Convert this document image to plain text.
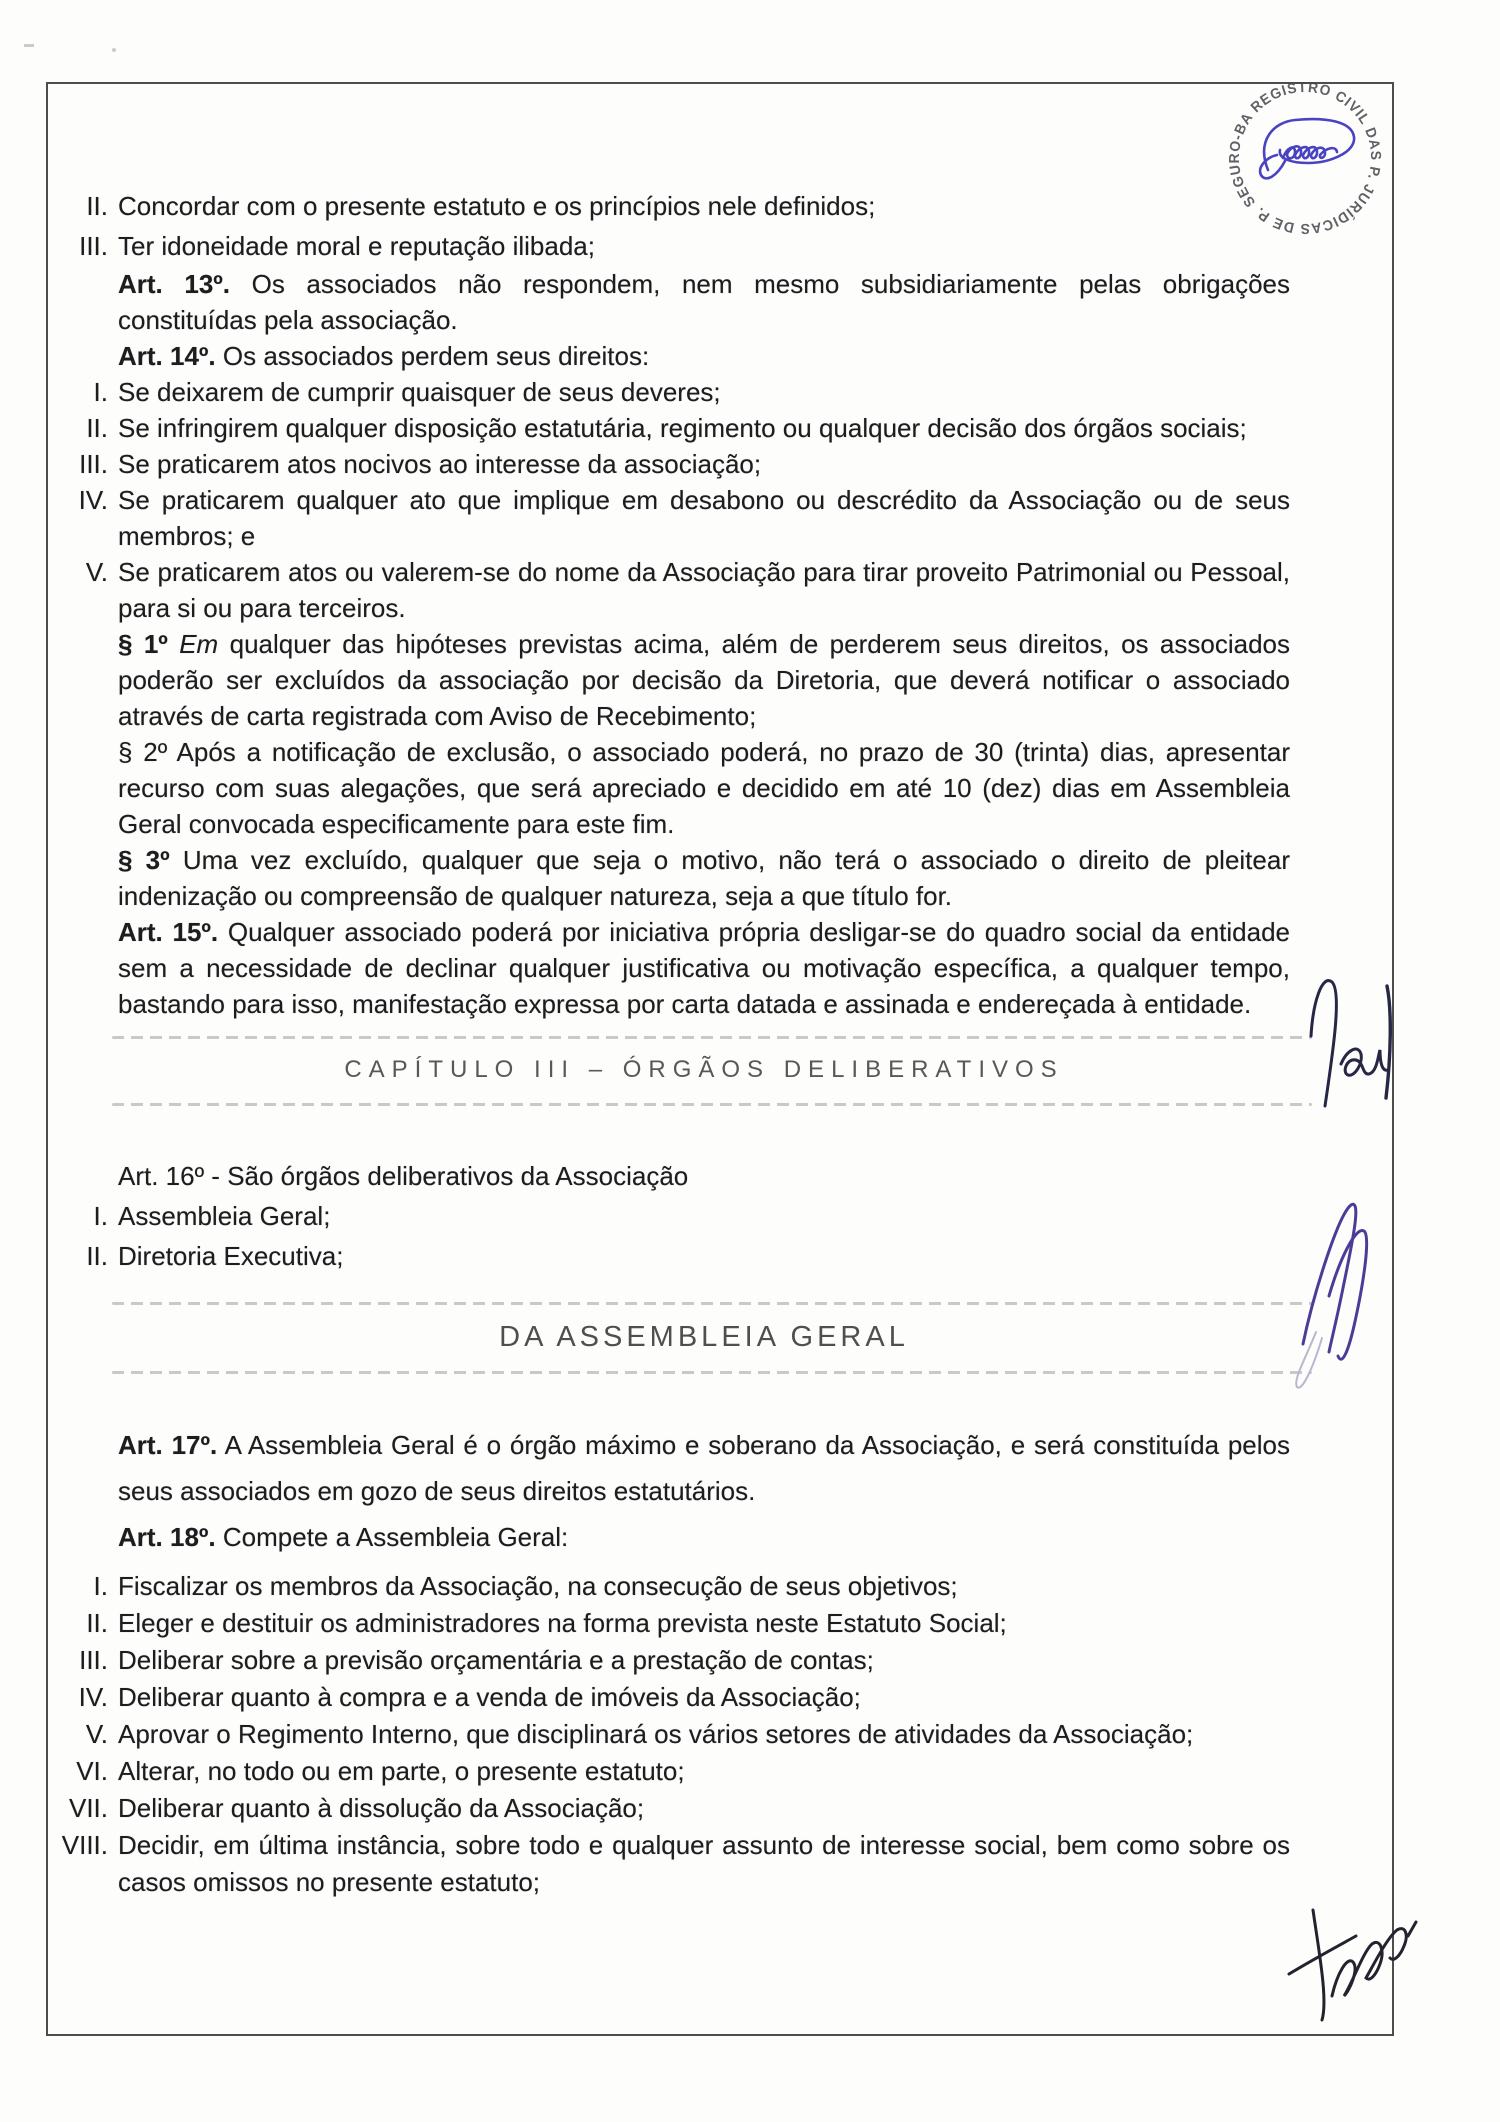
II. Concordar com o presente estatuto e os princípios nele definidos;
III. Ter idoneidade moral e reputação ilibada;
Art. 13º. Os associados não respondem, nem mesmo subsidiariamente pelas obrigações constituídas pela associação.
Art. 14º. Os associados perdem seus direitos:
I. Se deixarem de cumprir quaisquer de seus deveres;
II. Se infringirem qualquer disposição estatutária, regimento ou qualquer decisão dos órgãos sociais;
III. Se praticarem atos nocivos ao interesse da associação;
IV. Se praticarem qualquer ato que implique em desabono ou descrédito da Associação ou de seus membros; e
V. Se praticarem atos ou valerem-se do nome da Associação para tirar proveito Patrimonial ou Pessoal, para si ou para terceiros.
§ 1º Em qualquer das hipóteses previstas acima, além de perderem seus direitos, os associados poderão ser excluídos da associação por decisão da Diretoria, que deverá notificar o associado através de carta registrada com Aviso de Recebimento;
§ 2º Após a notificação de exclusão, o associado poderá, no prazo de 30 (trinta) dias, apresentar recurso com suas alegações, que será apreciado e decidido em até 10 (dez) dias em Assembleia Geral convocada especificamente para este fim.
§ 3º Uma vez excluído, qualquer que seja o motivo, não terá o associado o direito de pleitear indenização ou compreensão de qualquer natureza, seja a que título for.
Art. 15º. Qualquer associado poderá por iniciativa própria desligar-se do quadro social da entidade sem a necessidade de declinar qualquer justificativa ou motivação específica, a qualquer tempo, bastando para isso, manifestação expressa por carta datada e assinada e endereçada à entidade.
CAPÍTULO III – ÓRGÃOS DELIBERATIVOS
Art. 16º - São órgãos deliberativos da Associação
I. Assembleia Geral;
II. Diretoria Executiva;
DA ASSEMBLEIA GERAL
Art. 17º. A Assembleia Geral é o órgão máximo e soberano da Associação, e será constituída pelos seus associados em gozo de seus direitos estatutários.
Art. 18º. Compete a Assembleia Geral:
I. Fiscalizar os membros da Associação, na consecução de seus objetivos;
II. Eleger e destituir os administradores na forma prevista neste Estatuto Social;
III. Deliberar sobre a previsão orçamentária e a prestação de contas;
IV. Deliberar quanto à compra e a venda de imóveis da Associação;
V. Aprovar o Regimento Interno, que disciplinará os vários setores de atividades da Associação;
VI. Alterar, no todo ou em parte, o presente estatuto;
VII. Deliberar quanto à dissolução da Associação;
VIII. Decidir, em última instância, sobre todo e qualquer assunto de interesse social, bem como sobre os casos omissos no presente estatuto;
SEGURO-BA REGISTRO CIVIL DAS P. JURÍDICAS DE P.
